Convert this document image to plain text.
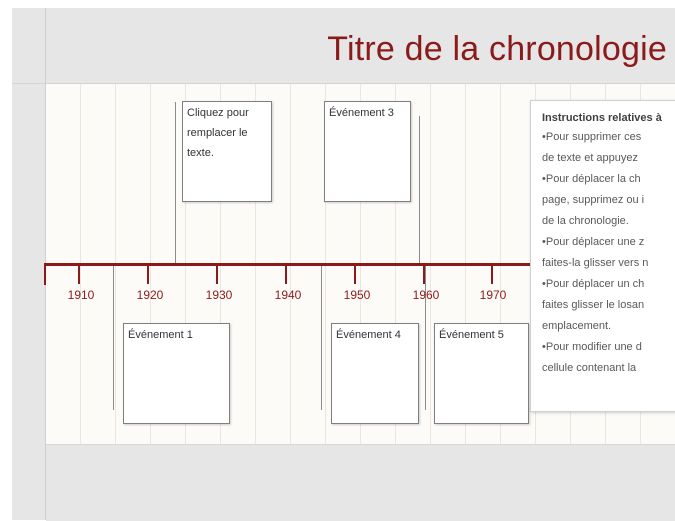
Titre de la chronologie
1910	1920	1930	1940	1950	1960	1970
Cliquez pour remplacer le texte.
Événement 3
Événement 1	Événement 4	Événement 5
Instructions relatives à
•Pour supprimer ces
de texte et appuyez
•Pour déplacer la ch
page, supprimez ou i
de la chronologie.
•Pour déplacer une z
faites-la glisser vers n
•Pour déplacer un ch
faites glisser le losan
emplacement.
•Pour modifier une d
cellule contenant la
